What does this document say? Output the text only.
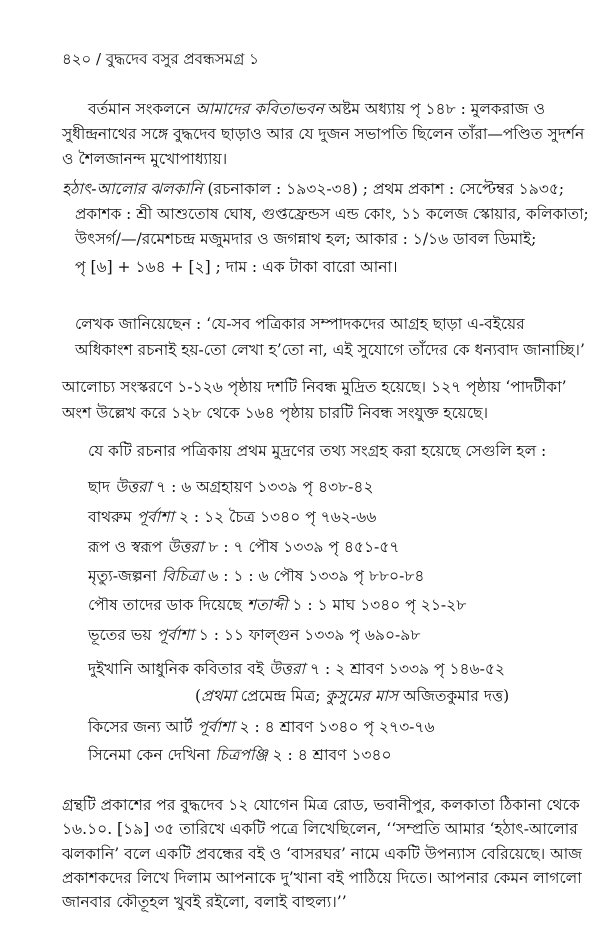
৪২০ / বুদ্ধদেব বসুর প্রবন্ধসমগ্র ১
বর্তমান সংকলনে আমাদের কবিতাভবন অষ্টম অধ্যায় পৃ ১৪৮ : মুলকরাজ ও
সুধীন্দ্রনাথের সঙ্গে বুদ্ধদেব ছাড়াও আর যে দুজন সভাপতি ছিলেন তাঁরা—পণ্ডিত সুদর্শন
ও শৈলজানন্দ মুখোপাধ্যায়।
হঠাৎ-আলোর ঝলকানি (রচনাকাল : ১৯৩২-৩৪) ; প্রথম প্রকাশ : সেপ্টেম্বর ১৯৩৫;
প্রকাশক : শ্রী আশুতোষ ঘোষ, গুপ্তফ্রেন্ডস এন্ড কোং, ১১ কলেজ স্কোয়ার, কলিকাতা;
উৎসর্গ/—/রমেশচন্দ্র মজুমদার ও জগন্নাথ হল; আকার : ১/১৬ ডাবল ডিমাই;
পৃ [৬] + ১৬৪ + [২] ; দাম : এক টাকা বারো আনা।
লেখক জানিয়েছেন : ‘যে-সব পত্রিকার সম্পাদকদের আগ্রহ ছাড়া এ-বইয়ের
অধিকাংশ রচনাই হয়-তো লেখা হ’তো না, এই সুযোগে তাঁদের কে ধন্যবাদ জানাচ্ছি।’
আলোচ্য সংস্করণে ১-১২৬ পৃষ্ঠায় দশটি নিবন্ধ মুদ্রিত হয়েছে। ১২৭ পৃষ্ঠায় ‘পাদটীকা’
অংশ উল্লেখ করে ১২৮ থেকে ১৬৪ পৃষ্ঠায় চারটি নিবন্ধ সংযুক্ত হয়েছে।
যে কটি রচনার পত্রিকায় প্রথম মুদ্রণের তথ্য সংগ্রহ করা হয়েছে সেগুলি হল :
ছাদ উত্তরা ৭ : ৬ অগ্রহায়ণ ১৩৩৯ পৃ ৪৩৮-৪২
বাথরুম পূর্বাশা ২ : ১২ চৈত্র ১৩৪০ পৃ ৭৬২-৬৬
রূপ ও স্বরূপ উত্তরা ৮ : ৭ পৌষ ১৩৩৯ পৃ ৪৫১-৫৭
মৃত্যু-জল্পনা বিচিত্রা ৬ : ১ : ৬ পৌষ ১৩৩৯ পৃ ৮৮০-৮৪
পৌষ তাদের ডাক দিয়েছে শতাব্দী ১ : ১ মাঘ ১৩৪০ পৃ ২১-২৮
ভূতের ভয় পূর্বাশা ১ : ১১ ফাল্গুন ১৩৩৯ পৃ ৬৯০-৯৮
দুইখানি আধুনিক কবিতার বই উত্তরা ৭ : ২ শ্রাবণ ১৩৩৯ পৃ ১৪৬-৫২
(প্রথমা প্রেমেন্দ্র মিত্র; কুসুমের মাস অজিতকুমার দত্ত)
কিসের জন্য আর্ট পূর্বাশা ২ : ৪ শ্রাবণ ১৩৪০ পৃ ২৭৩-৭৬
সিনেমা কেন দেখিনা চিত্রপঞ্জি ২ : ৪ শ্রাবণ ১৩৪০
গ্রন্থটি প্রকাশের পর বুদ্ধদেব ১২ যোগেন মিত্র রোড, ভবানীপুর, কলকাতা ঠিকানা থেকে
১৬.১০. [১৯] ৩৫ তারিখে একটি পত্রে লিখেছিলেন, ‘‘সম্প্রতি আমার ‘হঠাৎ-আলোর
ঝলকানি’ বলে একটি প্রবন্ধের বই ও ‘বাসরঘর’ নামে একটি উপন্যাস বেরিয়েছে। আজ
প্রকাশকদের লিখে দিলাম আপনাকে দু’খানা বই পাঠিয়ে দিতে। আপনার কেমন লাগলো
জানবার কৌতূহল খুবই রইলো, বলাই বাহুল্য।’’
